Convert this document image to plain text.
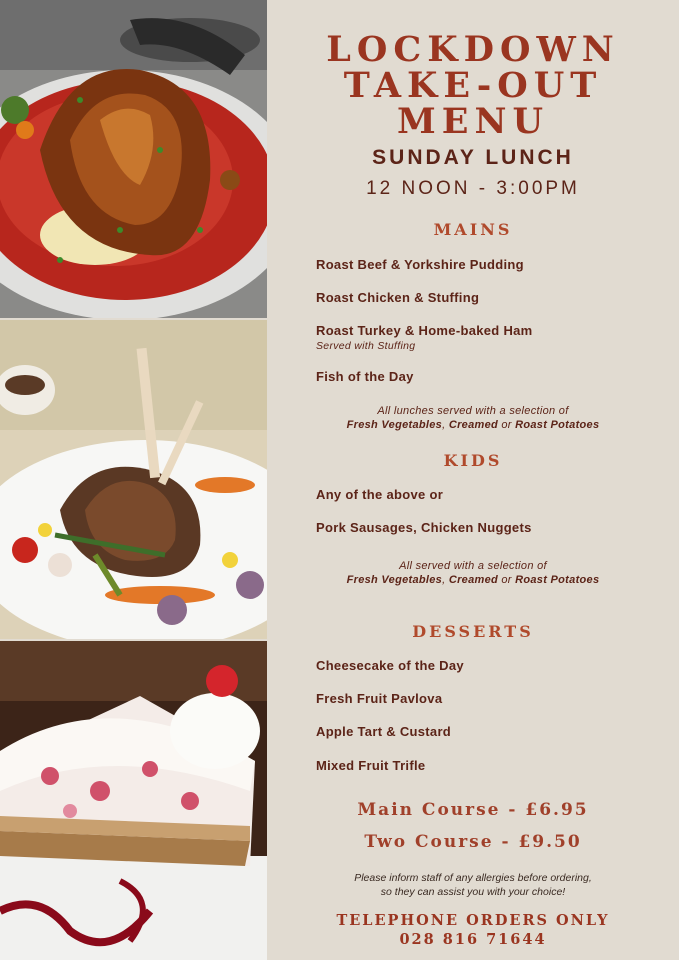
LOCKDOWN
TAKE-OUT
MENU
SUNDAY LUNCH
12 NOON - 3:00PM
MAINS
Roast Beef & Yorkshire Pudding
Roast Chicken & Stuffing
Roast Turkey & Home-baked Ham
Served with Stuffing
Fish of the Day
All lunches served with a selection of
Fresh Vegetables, Creamed or Roast Potatoes
KIDS
Any of the above or
Pork Sausages, Chicken Nuggets
All served with a selection of
Fresh Vegetables, Creamed or Roast Potatoes
DESSERTS
Cheesecake of the Day
Fresh Fruit Pavlova
Apple Tart & Custard
Mixed Fruit Trifle
Main Course - £6.95
Two Course - £9.50
Please inform staff of any allergies before ordering,
so they can assist you with your choice!
TELEPHONE ORDERS ONLY
028 816 71644
